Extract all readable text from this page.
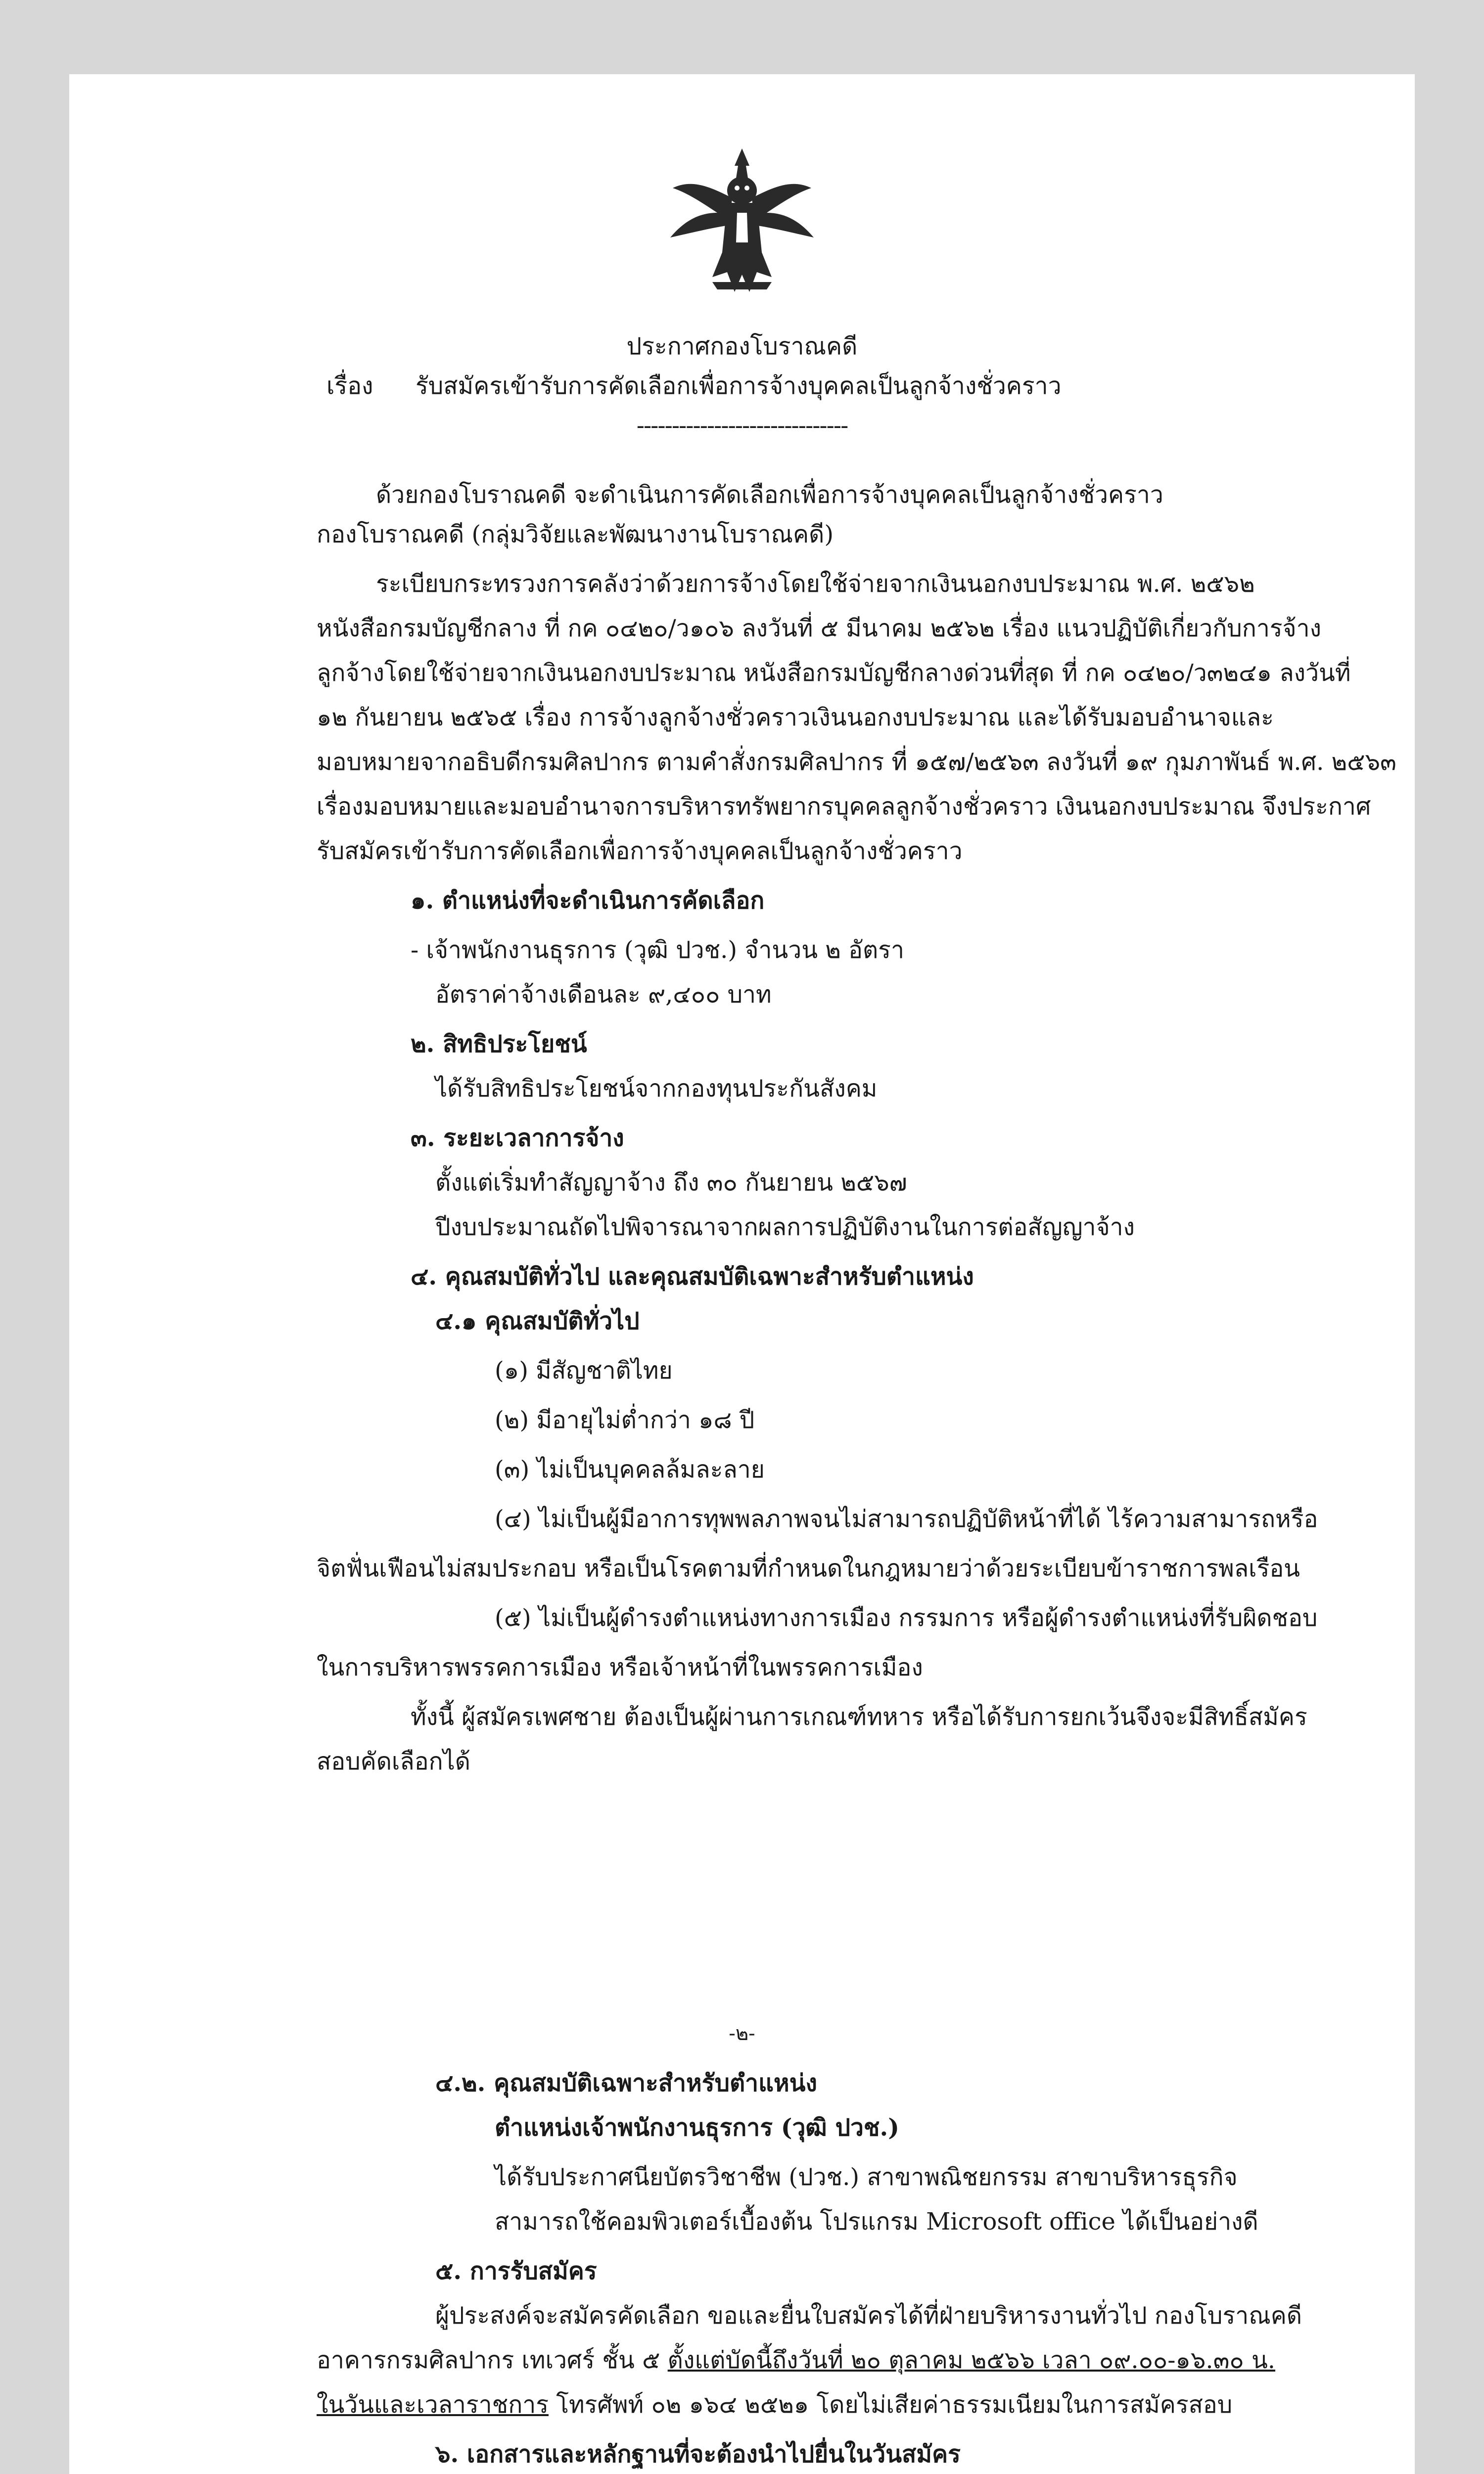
ประกาศกองโบราณคดี
เรื่อง รับสมัครเข้ารับการคัดเลือกเพื่อการจ้างบุคคลเป็นลูกจ้างชั่วคราว
------------------------------
ด้วยกองโบราณคดี จะดำเนินการคัดเลือกเพื่อการจ้างบุคคลเป็นลูกจ้างชั่วคราว
กองโบราณคดี (กลุ่มวิจัยและพัฒนางานโบราณคดี)
ระเบียบกระทรวงการคลังว่าด้วยการจ้างโดยใช้จ่ายจากเงินนอกงบประมาณ พ.ศ. ๒๕๖๒
หนังสือกรมบัญชีกลาง ที่ กค ๐๔๒๐/ว๑๐๖ ลงวันที่ ๕ มีนาคม ๒๕๖๒ เรื่อง แนวปฏิบัติเกี่ยวกับการจ้าง
ลูกจ้างโดยใช้จ่ายจากเงินนอกงบประมาณ หนังสือกรมบัญชีกลางด่วนที่สุด ที่ กค ๐๔๒๐/ว๓๒๔๑ ลงวันที่
๑๒ กันยายน ๒๕๖๕ เรื่อง การจ้างลูกจ้างชั่วคราวเงินนอกงบประมาณ และได้รับมอบอำนาจและ
มอบหมายจากอธิบดีกรมศิลปากร ตามคำสั่งกรมศิลปากร ที่ ๑๕๗/๒๕๖๓ ลงวันที่ ๑๙ กุมภาพันธ์ พ.ศ. ๒๕๖๓
เรื่องมอบหมายและมอบอำนาจการบริหารทรัพยากรบุคคลลูกจ้างชั่วคราว เงินนอกงบประมาณ จึงประกาศ
รับสมัครเข้ารับการคัดเลือกเพื่อการจ้างบุคคลเป็นลูกจ้างชั่วคราว
๑. ตำแหน่งที่จะดำเนินการคัดเลือก
- เจ้าพนักงานธุรการ (วุฒิ ปวช.) จำนวน ๒ อัตรา
อัตราค่าจ้างเดือนละ ๙,๔๐๐ บาท
๒. สิทธิประโยชน์
ได้รับสิทธิประโยชน์จากกองทุนประกันสังคม
๓. ระยะเวลาการจ้าง
ตั้งแต่เริ่มทำสัญญาจ้าง ถึง ๓๐ กันยายน ๒๕๖๗
ปีงบประมาณถัดไปพิจารณาจากผลการปฏิบัติงานในการต่อสัญญาจ้าง
๔. คุณสมบัติทั่วไป และคุณสมบัติเฉพาะสำหรับตำแหน่ง
๔.๑ คุณสมบัติทั่วไป
(๑) มีสัญชาติไทย
(๒) มีอายุไม่ต่ำกว่า ๑๘ ปี
(๓) ไม่เป็นบุคคลล้มละลาย
(๔) ไม่เป็นผู้มีอาการทุพพลภาพจนไม่สามารถปฏิบัติหน้าที่ได้ ไร้ความสามารถหรือ
จิตฟั่นเฟือนไม่สมประกอบ หรือเป็นโรคตามที่กำหนดในกฎหมายว่าด้วยระเบียบข้าราชการพลเรือน
(๕) ไม่เป็นผู้ดำรงตำแหน่งทางการเมือง กรรมการ หรือผู้ดำรงตำแหน่งที่รับผิดชอบ
ในการบริหารพรรคการเมือง หรือเจ้าหน้าที่ในพรรคการเมือง
ทั้งนี้ ผู้สมัครเพศชาย ต้องเป็นผู้ผ่านการเกณฑ์ทหาร หรือได้รับการยกเว้นจึงจะมีสิทธิ์สมัคร
สอบคัดเลือกได้
-๒-
๔.๒. คุณสมบัติเฉพาะสำหรับตำแหน่ง
ตำแหน่งเจ้าพนักงานธุรการ (วุฒิ ปวช.)
ได้รับประกาศนียบัตรวิชาชีพ (ปวช.) สาขาพณิชยกรรม สาขาบริหารธุรกิจ
สามารถใช้คอมพิวเตอร์เบื้องต้น โปรแกรม Microsoft office ได้เป็นอย่างดี
๕. การรับสมัคร
ผู้ประสงค์จะสมัครคัดเลือก ขอและยื่นใบสมัครได้ที่ฝ่ายบริหารงานทั่วไป กองโบราณคดี
อาคารกรมศิลปากร เทเวศร์ ชั้น ๕ ตั้งแต่บัดนี้ถึงวันที่ ๒๐ ตุลาคม ๒๕๖๖ เวลา ๐๙.๐๐-๑๖.๓๐ น.
ในวันและเวลาราชการ โทรศัพท์ ๐๒ ๑๖๔ ๒๕๒๑ โดยไม่เสียค่าธรรมเนียมในการสมัครสอบ
๖. เอกสารและหลักฐานที่จะต้องนำไปยื่นในวันสมัคร
